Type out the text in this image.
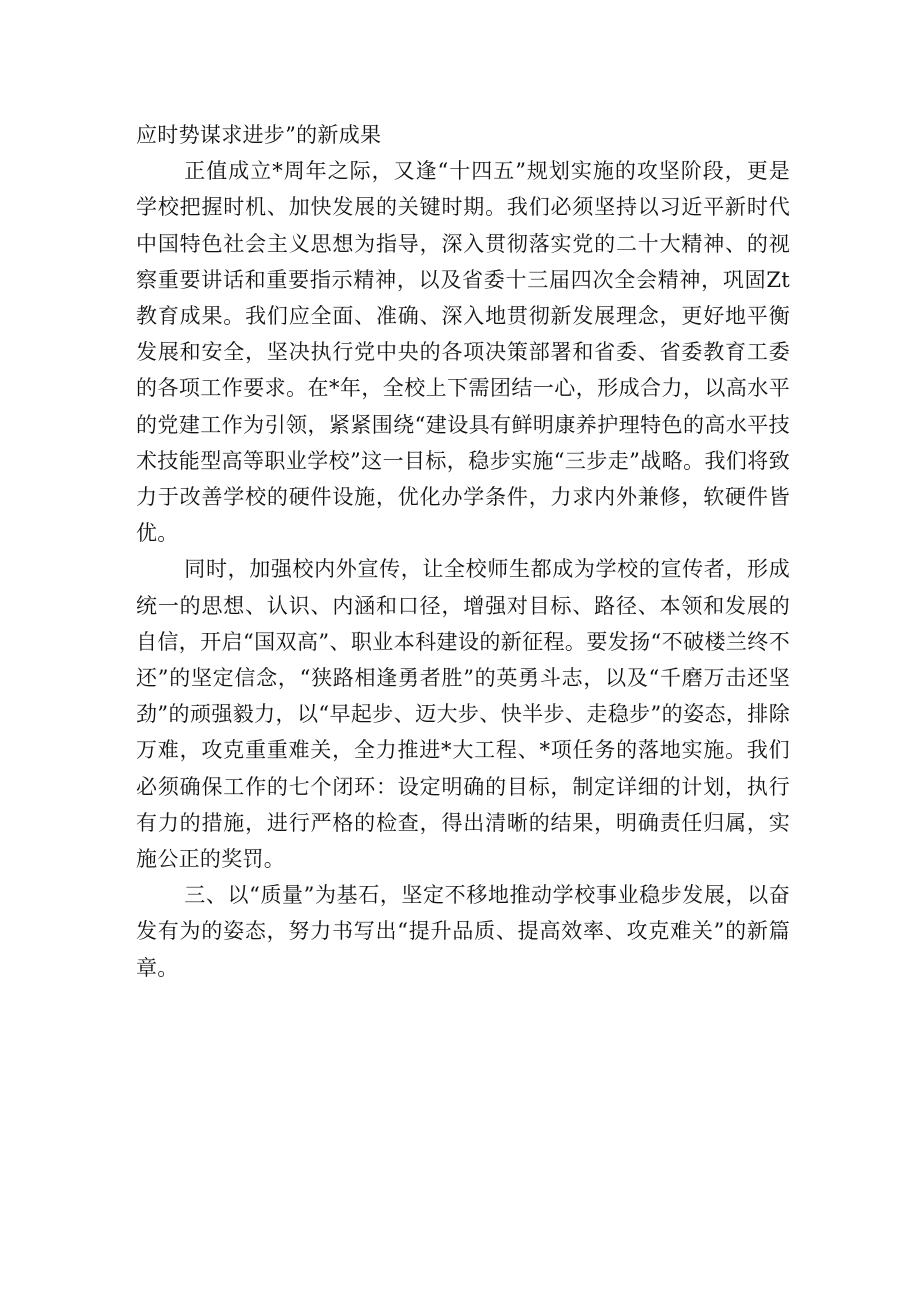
应时势谋求进步”的新成果

正值成立*周年之际，又逢“十四五”规划实施的攻坚阶段，更是学校把握时机、加快发展的关键时期。我们必须坚持以习近平新时代中国特色社会主义思想为指导，深入贯彻落实党的二十大精神、的视察重要讲话和重要指示精神，以及省委十三届四次全会精神，巩固Zt教育成果。我们应全面、准确、深入地贯彻新发展理念，更好地平衡发展和安全，坚决执行党中央的各项决策部署和省委、省委教育工委的各项工作要求。在*年，全校上下需团结一心，形成合力，以高水平的党建工作为引领，紧紧围绕“建设具有鲜明康养护理特色的高水平技术技能型高等职业学校”这一目标，稳步实施“三步走”战略。我们将致力于改善学校的硬件设施，优化办学条件，力求内外兼修，软硬件皆优。

同时，加强校内外宣传，让全校师生都成为学校的宣传者，形成统一的思想、认识、内涵和口径，增强对目标、路径、本领和发展的自信，开启“国双高”、职业本科建设的新征程。要发扬“不破楼兰终不还”的坚定信念，“狭路相逢勇者胜”的英勇斗志，以及“千磨万击还坚劲”的顽强毅力，以“早起步、迈大步、快半步、走稳步”的姿态，排除万难，攻克重重难关，全力推进*大工程、*项任务的落地实施。我们必须确保工作的七个闭环：设定明确的目标，制定详细的计划，执行有力的措施，进行严格的检查，得出清晰的结果，明确责任归属，实施公正的奖罚。

三、以“质量”为基石，坚定不移地推动学校事业稳步发展，以奋发有为的姿态，努力书写出“提升品质、提高效率、攻克难关”的新篇章。
